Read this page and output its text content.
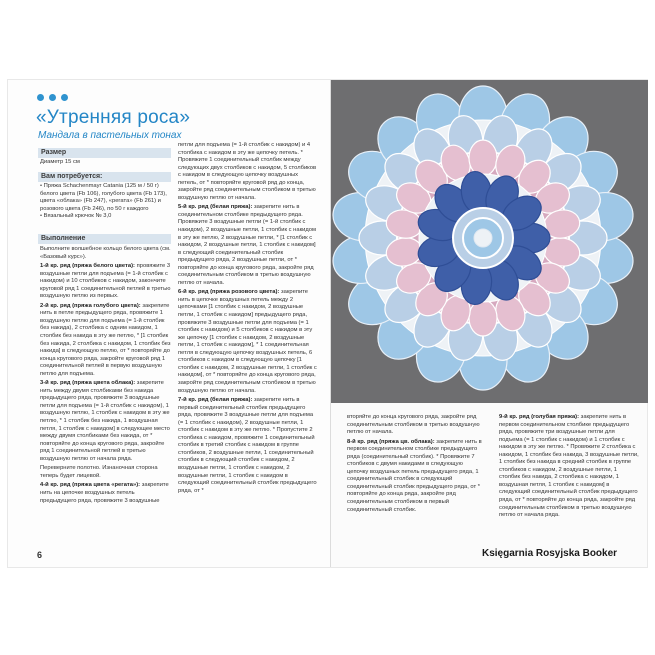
«Утренняя роса»
Мандала в пастельных тонах
Размер

Диаметр 15 см

Вам потребуется:
• Пряжа Schachenmayr Catania (125 м / 50 г) белого цвета (Fb 106), голубого цвета (Fb 173), цвета «облака» (Fb 247), «регата» (Fb 261) и розового цвета (Fb 246), по 50 г каждого
• Вязальный крючок № 3,0
Выполнение

Выполните волшебное кольцо белого цвета (см. «Базовый курс»).

1-й кр. ряд (пряжа белого цвета): провяжите 3 воздушные петли для подъема (= 1-й столбик с накидом) и 10 столбиков с накидом, закончите круговой ряд 1 соединительной петлей в третью воздушную петлю из первых.

2-й кр. ряд (пряжа голубого цвета): закрепите нить в петле предыдущего ряда, провяжите 1 воздушную петлю для подъема (= 1-й столбик без накида), 2 столбика с одним накидом, 1 столбик без накида в эту же петлю, * [1 столбик без накида, 2 столбика с накидом, 1 столбик без накида] в следующую петлю, от * повторяйте до конца кругового ряда, закройте круговой ряд 1 соединительной петлей в первую воздушную петлю для подъема.

3-й кр. ряд (пряжа цвета облака): закрепите нить между двумя столбиками без накида предыдущего ряда, провяжите 3 воздушные петли для подъема (= 1-й столбик с накидом), 1 воздушную петлю, 1 столбик с накидом в эту же петлю, * 1 столбик без накида, 1 воздушная петля, 1 столбик с накидом] в следующее место между двумя столбиками без накида, от * повторяйте до конца кругового ряда, закройте ряд 1 соединительной петлей в третью воздушную петлю от начала ряда.

Переверните полотно. Изнаночная сторона теперь будет лицевой.

4-й кр. ряд (пряжа цвета «регата»): закрепите нить на цепочке воздушных петель предыдущего ряда, провяжите 3 воздушные

петли для подъема (= 1-й столбик с накидом) и 4 столбика с накидом в эту же цепочку петель. * Провяжите 1 соединительный столбик между следующих двух столбиков с накидом, 5 столбиков с накидом в следующую цепочку воздушных петель, от * повторяйте круговой ряд до конца, закройте ряд соединительным столбиком в третью воздушную петлю от начала.

5-й кр. ряд (белая пряжа): закрепите нить в соединительном столбике предыдущего ряда. Провяжите 3 воздушные петли (= 1-й столбик с накидом), 2 воздушные петли, 1 столбик с накидом в эту же петлю, 2 воздушные петли, * [1 столбик с накидом, 2 воздушные петли, 1 столбик с накидом] в следующий соединительный столбик предыдущего ряда, 2 воздушные петли, от * повторяйте до конца кругового ряда, закройте ряд соединительным столбиком в третью воздушную петлю от начала.

6-й кр. ряд (пряжа розового цвета): закрепите нить в цепочке воздушных петель между 2 цепочками [1 столбик с накидом, 2 воздушные петли, 1 столбик с накидом] предыдущего ряда, провяжите 3 воздушные петли для подъема (= 1 столбик с накидом) и 5 столбиков с накидом в эту же цепочку [1 столбик с накидом, 2 воздушные петли, 1 столбик с накидом], * 1 соединительная петля в следующую цепочку воздушных петель, 6 столбиков с накидом в следующую цепочку [1 столбик с накидом, 2 воздушные петли, 1 столбик с накидом], от * повторяйте до конца кругового ряда, закройте ряд соединительным столбиком в третью воздушную петлю от начала.

7-й кр. ряд (белая пряжа): закрепите нить в первый соединительный столбик предыдущего ряда, провяжите 3 воздушные петли для подъема (= 1 столбик с накидом), 2 воздушные петли, 1 столбик с накидом в эту же петлю. * Пропустите 2 столбика с накидом, провяжите 1 соединительный столбик в третий столбик с накидом в группе столбиков, 2 воздушные петли, 1 соединительный столбик в следующий столбик с накидом, 2 воздушные петли, 1 столбик с накидом, 2 воздушные петли, 1 столбик с накидом в следующий соединительный столбик предыдущего ряда, от *

6

вторяйте до конца кругового ряда, закройте ряд соединительным столбиком в третью воздушную петлю от начала.

8-й кр. ряд (пряжа цв. облака): закрепите нить в первом соединительном столбике предыдущего ряда (соединительный столбик). * Провяжите 7 столбиков с двумя накидами в следующую цепочку воздушных петель предыдущего ряда, 1 соединительный столбик в следующий соединительный столбик предыдущего ряда, от * повторяйте до конца ряда, закройте ряд соединительным столбиком в первый соединительный столбик.

9-й кр. ряд (голубая пряжа): закрепите нить в первом соединительном столбике предыдущего ряда, провяжите три воздушные петли для подъема (= 1 столбик с накидом) и 1 столбик с накидом в эту же петлю. * Провяжите 2 столбика с накидом, 1 столбик без накида, 3 воздушные петли, 1 столбик без накида в средний столбик в группе столбиков с накидом, 2 воздушные петли, 1 столбик без накида, 2 столбика с накидом, 1 воздушная петля, 1 столбик с накидом] в следующий соединительный столбик предыдущего ряда, от * повторяйте до конца ряда, закройте ряд соединительным столбиком в третью воздушную петлю от начала ряда.

Księgarnia Rosyjska Booker
